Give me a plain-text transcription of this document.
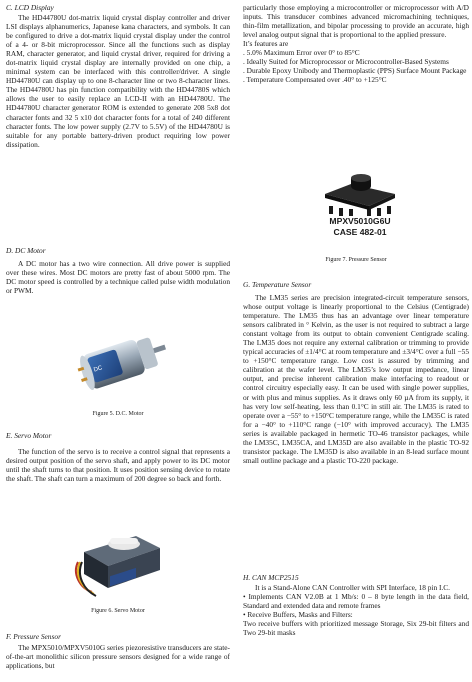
C. LCD Display

The HD44780U dot-matrix liquid crystal display controller and driver LSI displays alphanumerics, Japanese kana characters, and symbols. It can be configured to drive a dot-matrix liquid crystal display under the control of a 4- or 8-bit microprocessor. Since all the functions such as display RAM, character generator, and liquid crystal driver, required for driving a dot-matrix liquid crystal display are internally provided on one chip, a minimal system can be interfaced with this controller/driver. A single HD44780U can display up to one 8-character line or two 8-character lines. The HD44780U has pin function compatibility with the HD44780S which allows the user to easily replace an LCD-II with an HD44780U. The HD44780U character generator ROM is extended to generate 208 5x8 dot character fonts and 32 5 x10 dot character fonts for a total of 240 different character fonts. The low power supply (2.7V to 5.5V) of the HD44780U is suitable for any portable battery-driven product requiring low power dissipation.

D. DC Motor

A DC motor has a two wire connection. All drive power is supplied over these wires. Most DC motors are pretty fast of about 5000 rpm. The DC motor speed is controlled by a technique called pulse width modulation or PWM.

DC

Figure 5. D.C. Motor

E. Servo Motor

The function of the servo is to receive a control signal that represents a desired output position of the servo shaft, and apply power to its DC motor until the shaft turns to that position. It uses position sensing device to rotate the shaft. The shaft can turn a maximum of 200 degree so back and forth.

Figure 6. Servo Motor

F. Pressure Sensor

The MPX5010/MPXV5010G series piezoresistive transducers are state-of-the-art monolithic silicon pressure sensors designed for a wide range of applications, but

particularly those employing a microcontroller or microprocessor with A/D inputs. This transducer combines advanced micromachining techniques, thin-film metallization, and bipolar processing to provide an accurate, high level analog output signal that is proportional to the applied pressure.

It’s features are

. 5.0% Maximum Error over 0° to 85°C

. Ideally Suited for Microprocessor or Microcontroller-Based Systems

. Durable Epoxy Unibody and Thermoplastic (PPS) Surface Mount Package

. Temperature Compensated over .40° to +125°C

MPXV5010G6U
CASE 482-01

Figure 7. Pressure Sensor

G. Temperature Sensor

The LM35 series are precision integrated-circuit temperature sensors, whose output voltage is linearly proportional to the Celsius (Centigrade) temperature. The LM35 thus has an advantage over linear temperature sensors calibrated in ° Kelvin, as the user is not required to subtract a large constant voltage from its output to obtain convenient Centigrade scaling. The LM35 does not require any external calibration or trimming to provide typical accuracies of ±1/4°C at room temperature and ±3/4°C over a full −55 to +150°C temperature range. Low cost is assured by trimming and calibration at the wafer level. The LM35’s low output impedance, linear output, and precise inherent calibration make interfacing to readout or control circuitry especially easy. It can be used with single power supplies, or with plus and minus supplies. As it draws only 60 µA from its supply, it has very low self-heating, less than 0.1°C in still air. The LM35 is rated to operate over a −55° to +150°C temperature range, while the LM35C is rated for a −40° to +110°C range (−10° with improved accuracy). The LM35 series is available packaged in hermetic TO-46 transistor packages, while the LM35C, LM35CA, and LM35D are also available in the plastic TO-92 transistor package. The LM35D is also available in an 8-lead surface mount small outline package and a plastic TO-220 package.

H. CAN MCP2515

It is a Stand-Alone CAN Controller with SPI Interface, 18 pin I.C.

• Implements CAN V2.0B at 1 Mb/s: 0 – 8 byte length in the data field, Standard and extended data and remote frames

• Receive Buffers, Masks and Filters:

Two receive buffers with prioritized message Storage, Six 29-bit filters and Two 29-bit masks
